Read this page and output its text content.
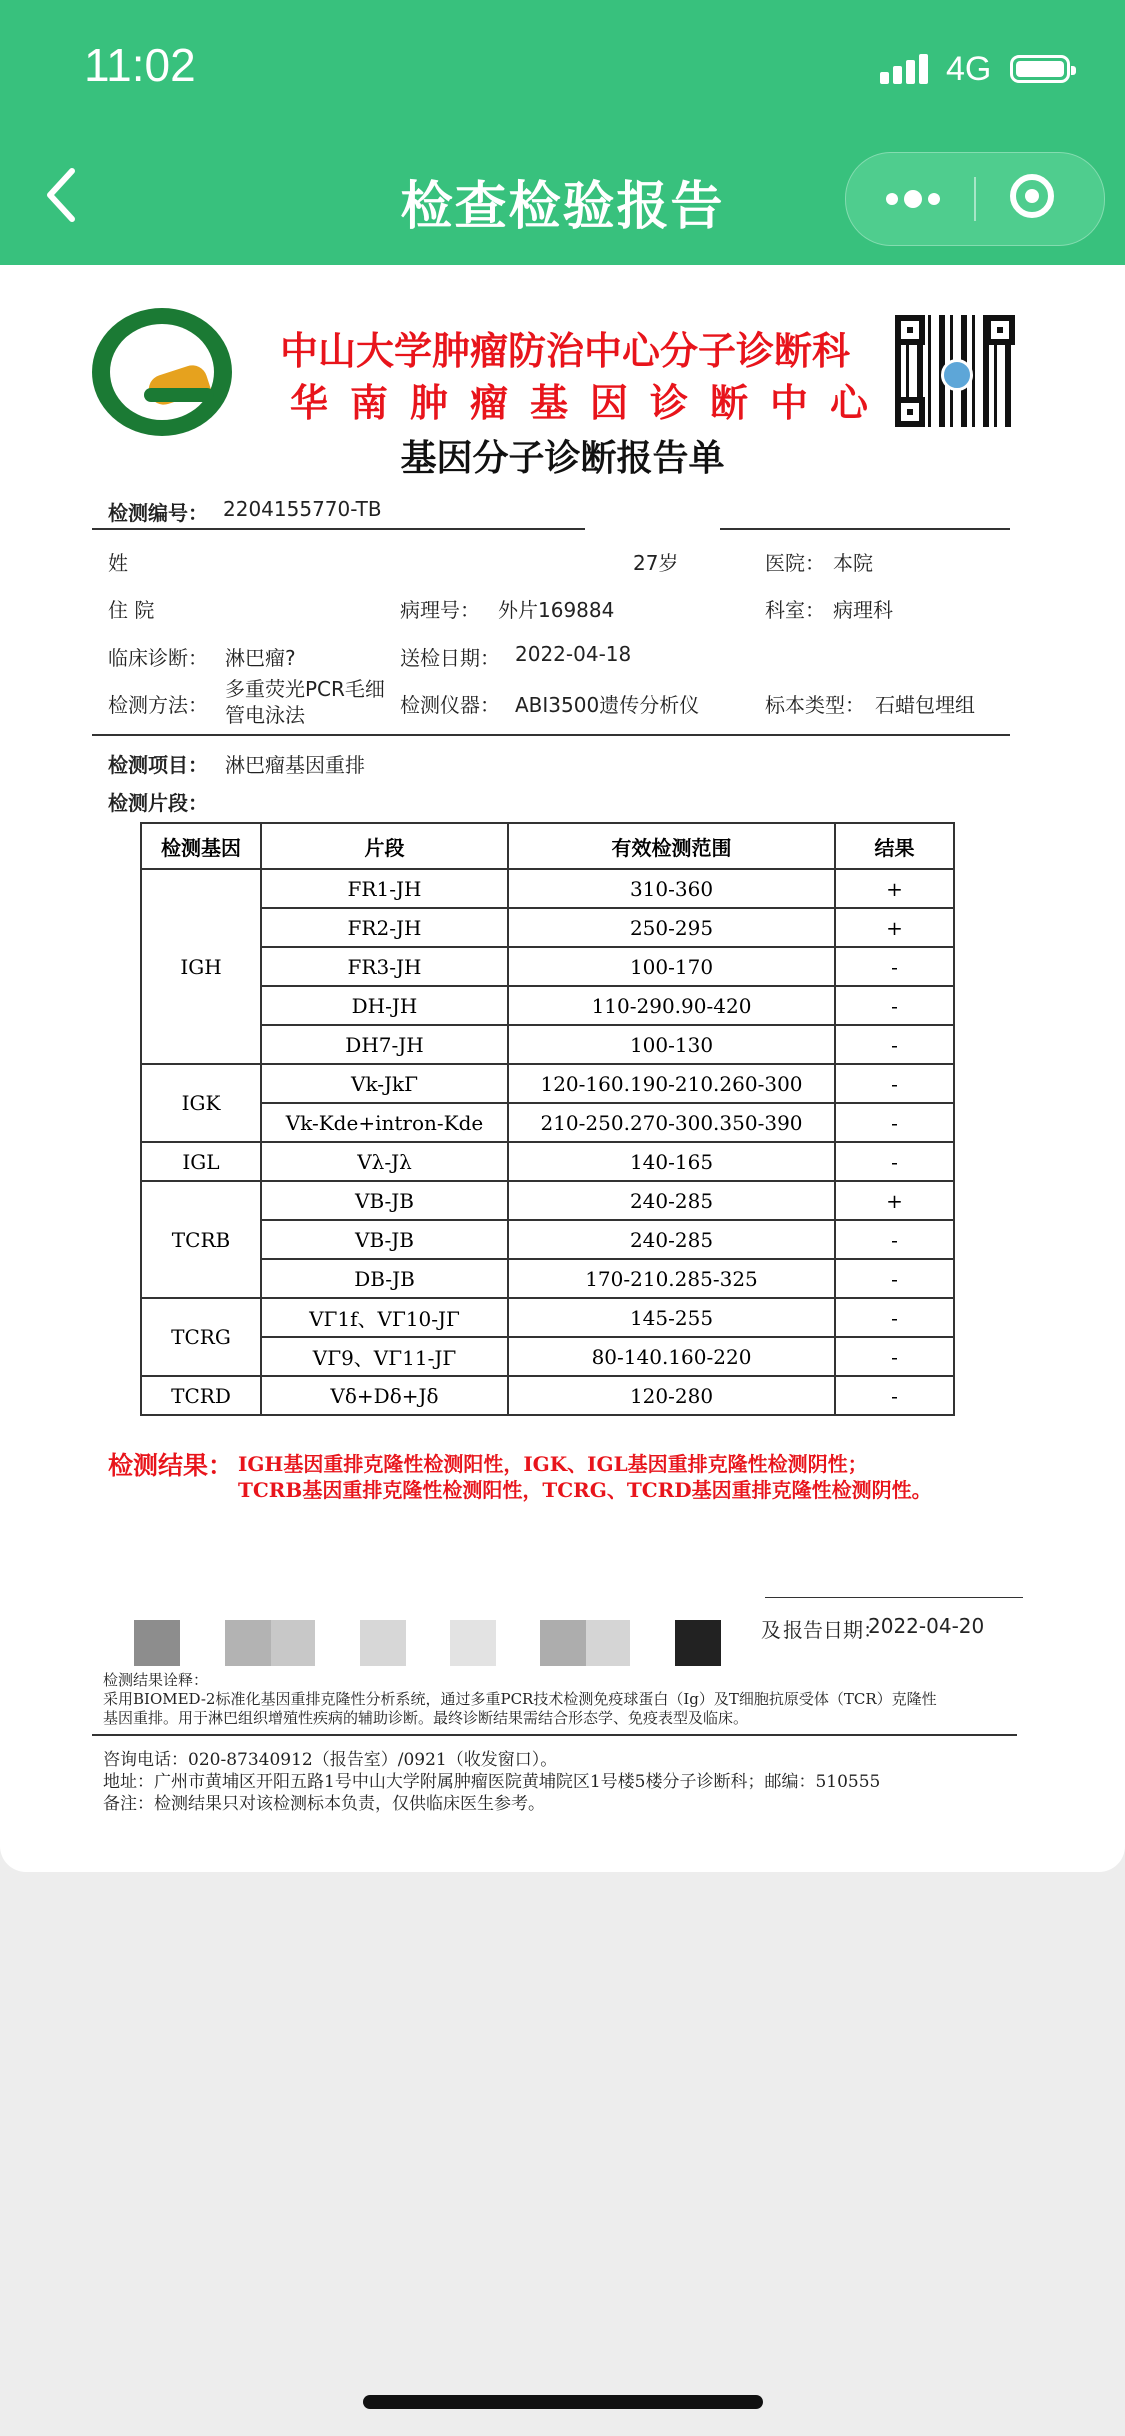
11:02	4G
检查检验报告
中山大学肿瘤防治中心分子诊断科
华南肿瘤基因诊断中心
基因分子诊断报告单
检测编号： 2204155770-TB
姓	27岁	医院： 本院
住 院	病理号： 外片169884	科室： 病理科
临床诊断： 淋巴瘤?	送检日期： 2022-04-18
检测方法：
多重荧光PCR毛细
管电泳法	检测仪器： ABI3500遗传分析仪	标本类型： 石蜡包埋组
检测项目： 淋巴瘤基因重排
检测片段：
检测基因	片段	有效检测范围	结果
IGH	FR1-JH	310-360	+
	FR2-JH	250-295	+
	FR3-JH	100-170	-
	DH-JH	110-290.90-420	-
	DH7-JH	100-130	-
IGK	Vk-JkΓ	120-160.190-210.260-300	-
	Vk-Kde+intron-Kde	210-250.270-300.350-390	-
IGL	Vλ-Jλ	140-165	-
TCRB	VB-JB	240-285	+
	VB-JB	240-285	-
	DB-JB	170-210.285-325	-
TCRG	VΓ1f、VΓ10-JΓ	145-255	-
	VΓ9、VΓ11-JΓ	80-140.160-220	-
TCRD	Vδ+Dδ+Jδ	120-280	-
检测结果： IGH基因重排克隆性检测阳性，IGK、IGL基因重排克隆性检测阴性；
TCRB基因重排克隆性检测阳性，TCRG、TCRD基因重排克隆性检测阴性。
及 报告日期：
2022-04-20
检测结果诠释：
采用BIOMED-2标准化基因重排克隆性分析系统，通过多重PCR技术检测免疫球蛋白（Ig）及T细胞抗原受体（TCR）克隆性
基因重排。用于淋巴组织增殖性疾病的辅助诊断。最终诊断结果需结合形态学、免疫表型及临床。
咨询电话：020-87340912（报告室）/0921（收发窗口）。
地址：广州市黄埔区开阳五路1号中山大学附属肿瘤医院黄埔院区1号楼5楼分子诊断科；邮编：510555
备注：检测结果只对该检测标本负责，仅供临床医生参考。
